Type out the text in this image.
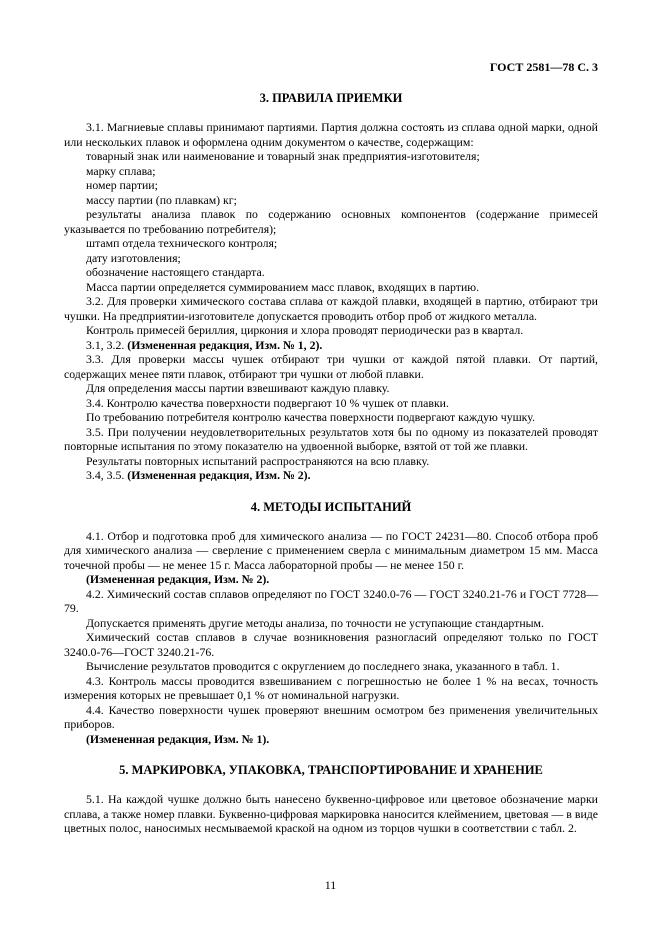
ГОСТ 2581—78 С. 3
3. ПРАВИЛА ПРИЕМКИ

3.1. Магниевые сплавы принимают партиями. Партия должна состоять из сплава одной марки, одной или нескольких плавок и оформлена одним документом о качестве, содержащим:

товарный знак или наименование и товарный знак предприятия-изготовителя;

марку сплава;

номер партии;

массу партии (по плавкам) кг;

результаты анализа плавок по содержанию основных компонентов (содержание примесей указывается по требованию потребителя);

штамп отдела технического контроля;

дату изготовления;

обозначение настоящего стандарта.

Масса партии определяется суммированием масс плавок, входящих в партию.

3.2. Для проверки химического состава сплава от каждой плавки, входящей в партию, отбирают три чушки. На предприятии-изготовителе допускается проводить отбор проб от жидкого металла.

Контроль примесей бериллия, циркония и хлора проводят периодически раз в квартал.

3.1, 3.2. (Измененная редакция, Изм. № 1, 2).

3.3. Для проверки массы чушек отбирают три чушки от каждой пятой плавки. От партий, содержащих менее пяти плавок, отбирают три чушки от любой плавки.

Для определения массы партии взвешивают каждую плавку.

3.4. Контролю качества поверхности подвергают 10 % чушек от плавки.

По требованию потребителя контролю качества поверхности подвергают каждую чушку.

3.5. При получении неудовлетворительных результатов хотя бы по одному из показателей проводят повторные испытания по этому показателю на удвоенной выборке, взятой от той же плавки.

Результаты повторных испытаний распространяются на всю плавку.

3.4, 3.5. (Измененная редакция, Изм. № 2).

4. МЕТОДЫ ИСПЫТАНИЙ

4.1. Отбор и подготовка проб для химического анализа — по ГОСТ 24231—80. Способ отбора проб для химического анализа — сверление с применением сверла с минимальным диаметром 15 мм. Масса точечной пробы — не менее 15 г. Масса лабораторной пробы — не менее 150 г.

(Измененная редакция, Изм. № 2).

4.2. Химический состав сплавов определяют по ГОСТ 3240.0-76 — ГОСТ 3240.21-76 и ГОСТ 7728—79.

Допускается применять другие методы анализа, по точности не уступающие стандартным.

Химический состав сплавов в случае возникновения разногласий определяют только по ГОСТ 3240.0-76—ГОСТ 3240.21-76.

Вычисление результатов проводится с округлением до последнего знака, указанного в табл. 1.

4.3. Контроль массы проводится взвешиванием с погрешностью не более 1 % на весах, точность измерения которых не превышает 0,1 % от номинальной нагрузки.

4.4. Качество поверхности чушек проверяют внешним осмотром без применения увеличительных приборов.

(Измененная редакция, Изм. № 1).

5. МАРКИРОВКА, УПАКОВКА, ТРАНСПОРТИРОВАНИЕ И ХРАНЕНИЕ

5.1. На каждой чушке должно быть нанесено буквенно-цифровое или цветовое обозначение марки сплава, а также номер плавки. Буквенно-цифровая маркировка наносится клеймением, цветовая — в виде цветных полос, наносимых несмываемой краской на одном из торцов чушки в соответствии с табл. 2.

11
